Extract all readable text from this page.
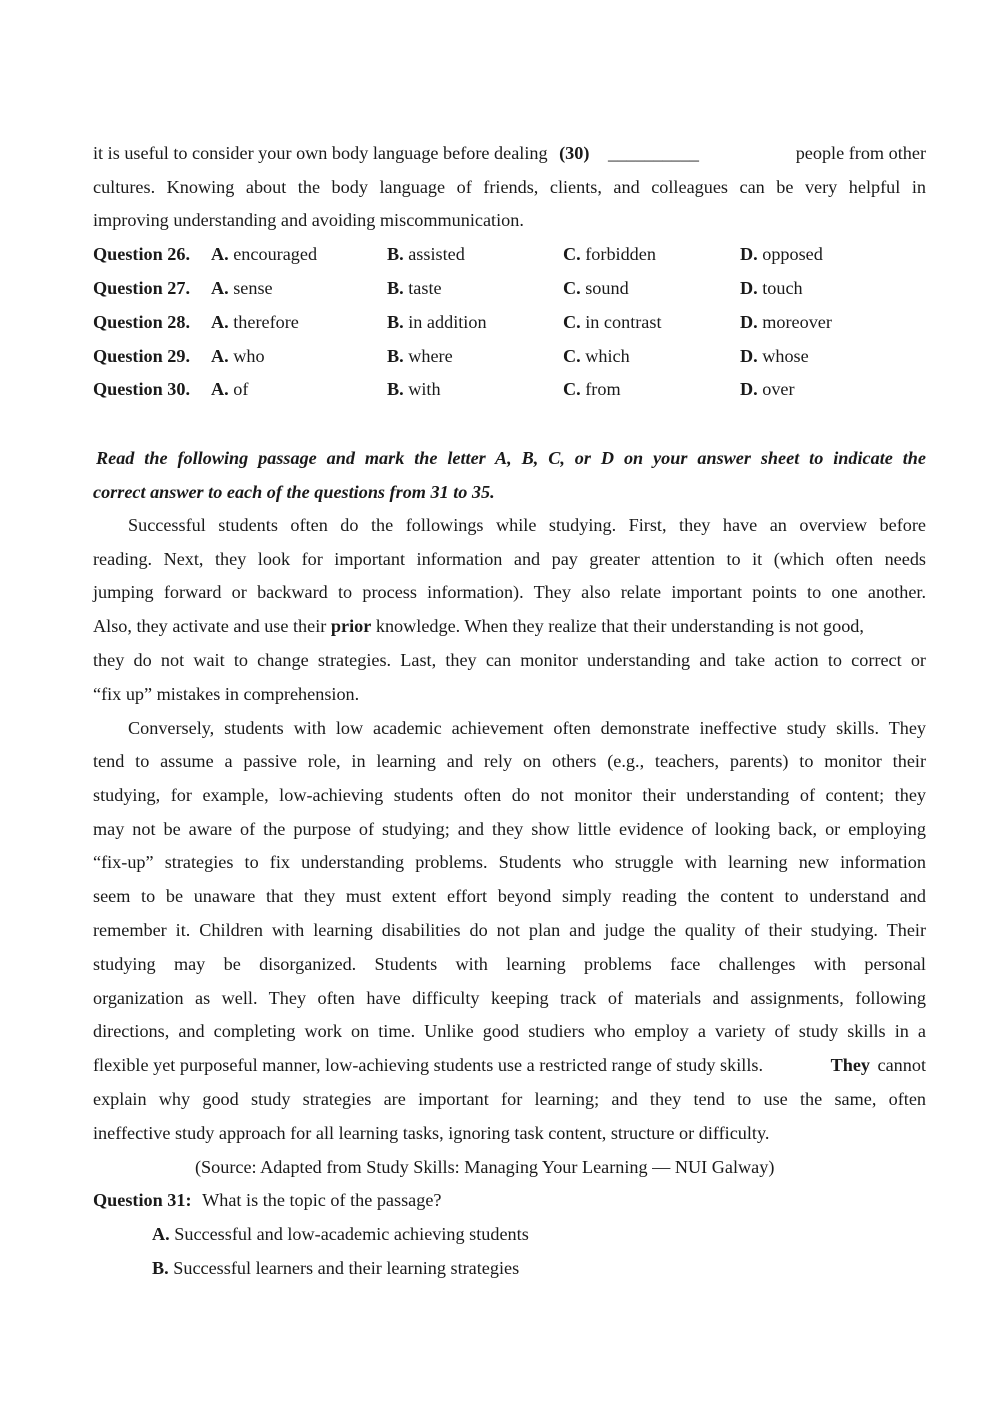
it is useful to consider your own body language before dealing (30) __________	people from other
cultures. Knowing about the body language of friends, clients, and colleagues can be very helpful in
improving understanding and avoiding miscommunication.
Question 26. A. encouraged	B. assisted	C. forbidden	D. opposed
Question 27. A. sense	B. taste	C. sound	D. touch
Question 28. A. therefore	B. in addition	C. in contrast	D. moreover
Question 29. A. who	B. where	C. which	D. whose
Question 30. A. of	B. with	C. from	D. over
Read the following passage and mark the letter A, B, C, or D on your answer sheet to indicate the
correct answer to each of the questions from 31 to 35.
Successful students often do the followings while studying. First, they have an overview before
reading. Next, they look for important information and pay greater attention to it (which often needs
jumping forward or backward to process information). They also relate important points to one another.
Also, they activate and use their prior knowledge. When they realize that their understanding is not good,
they do not wait to change strategies. Last, they can monitor understanding and take action to correct or
“fix up” mistakes in comprehension.
Conversely, students with low academic achievement often demonstrate ineffective study skills. They
tend to assume a passive role, in learning and rely on others (e.g., teachers, parents) to monitor their
studying, for example, low-achieving students often do not monitor their understanding of content; they
may not be aware of the purpose of studying; and they show little evidence of looking back, or employing
“fix-up” strategies to fix understanding problems. Students who struggle with learning new information
seem to be unaware that they must extent effort beyond simply reading the content to understand and
remember it. Children with learning disabilities do not plan and judge the quality of their studying. Their
studying may be disorganized. Students with learning problems face challenges with personal
organization as well. They often have difficulty keeping track of materials and assignments, following
directions, and completing work on time. Unlike good studiers who employ a variety of study skills in a
flexible yet purposeful manner, low-achieving students use a restricted range of study skills.	They cannot
explain why good study strategies are important for learning; and they tend to use the same, often
ineffective study approach for all learning tasks, ignoring task content, structure or difficulty.
(Source: Adapted from Study Skills: Managing Your Learning — NUI Galway)
Question 31: What is the topic of the passage?
A. Successful and low-academic achieving students
B. Successful learners and their learning strategies
